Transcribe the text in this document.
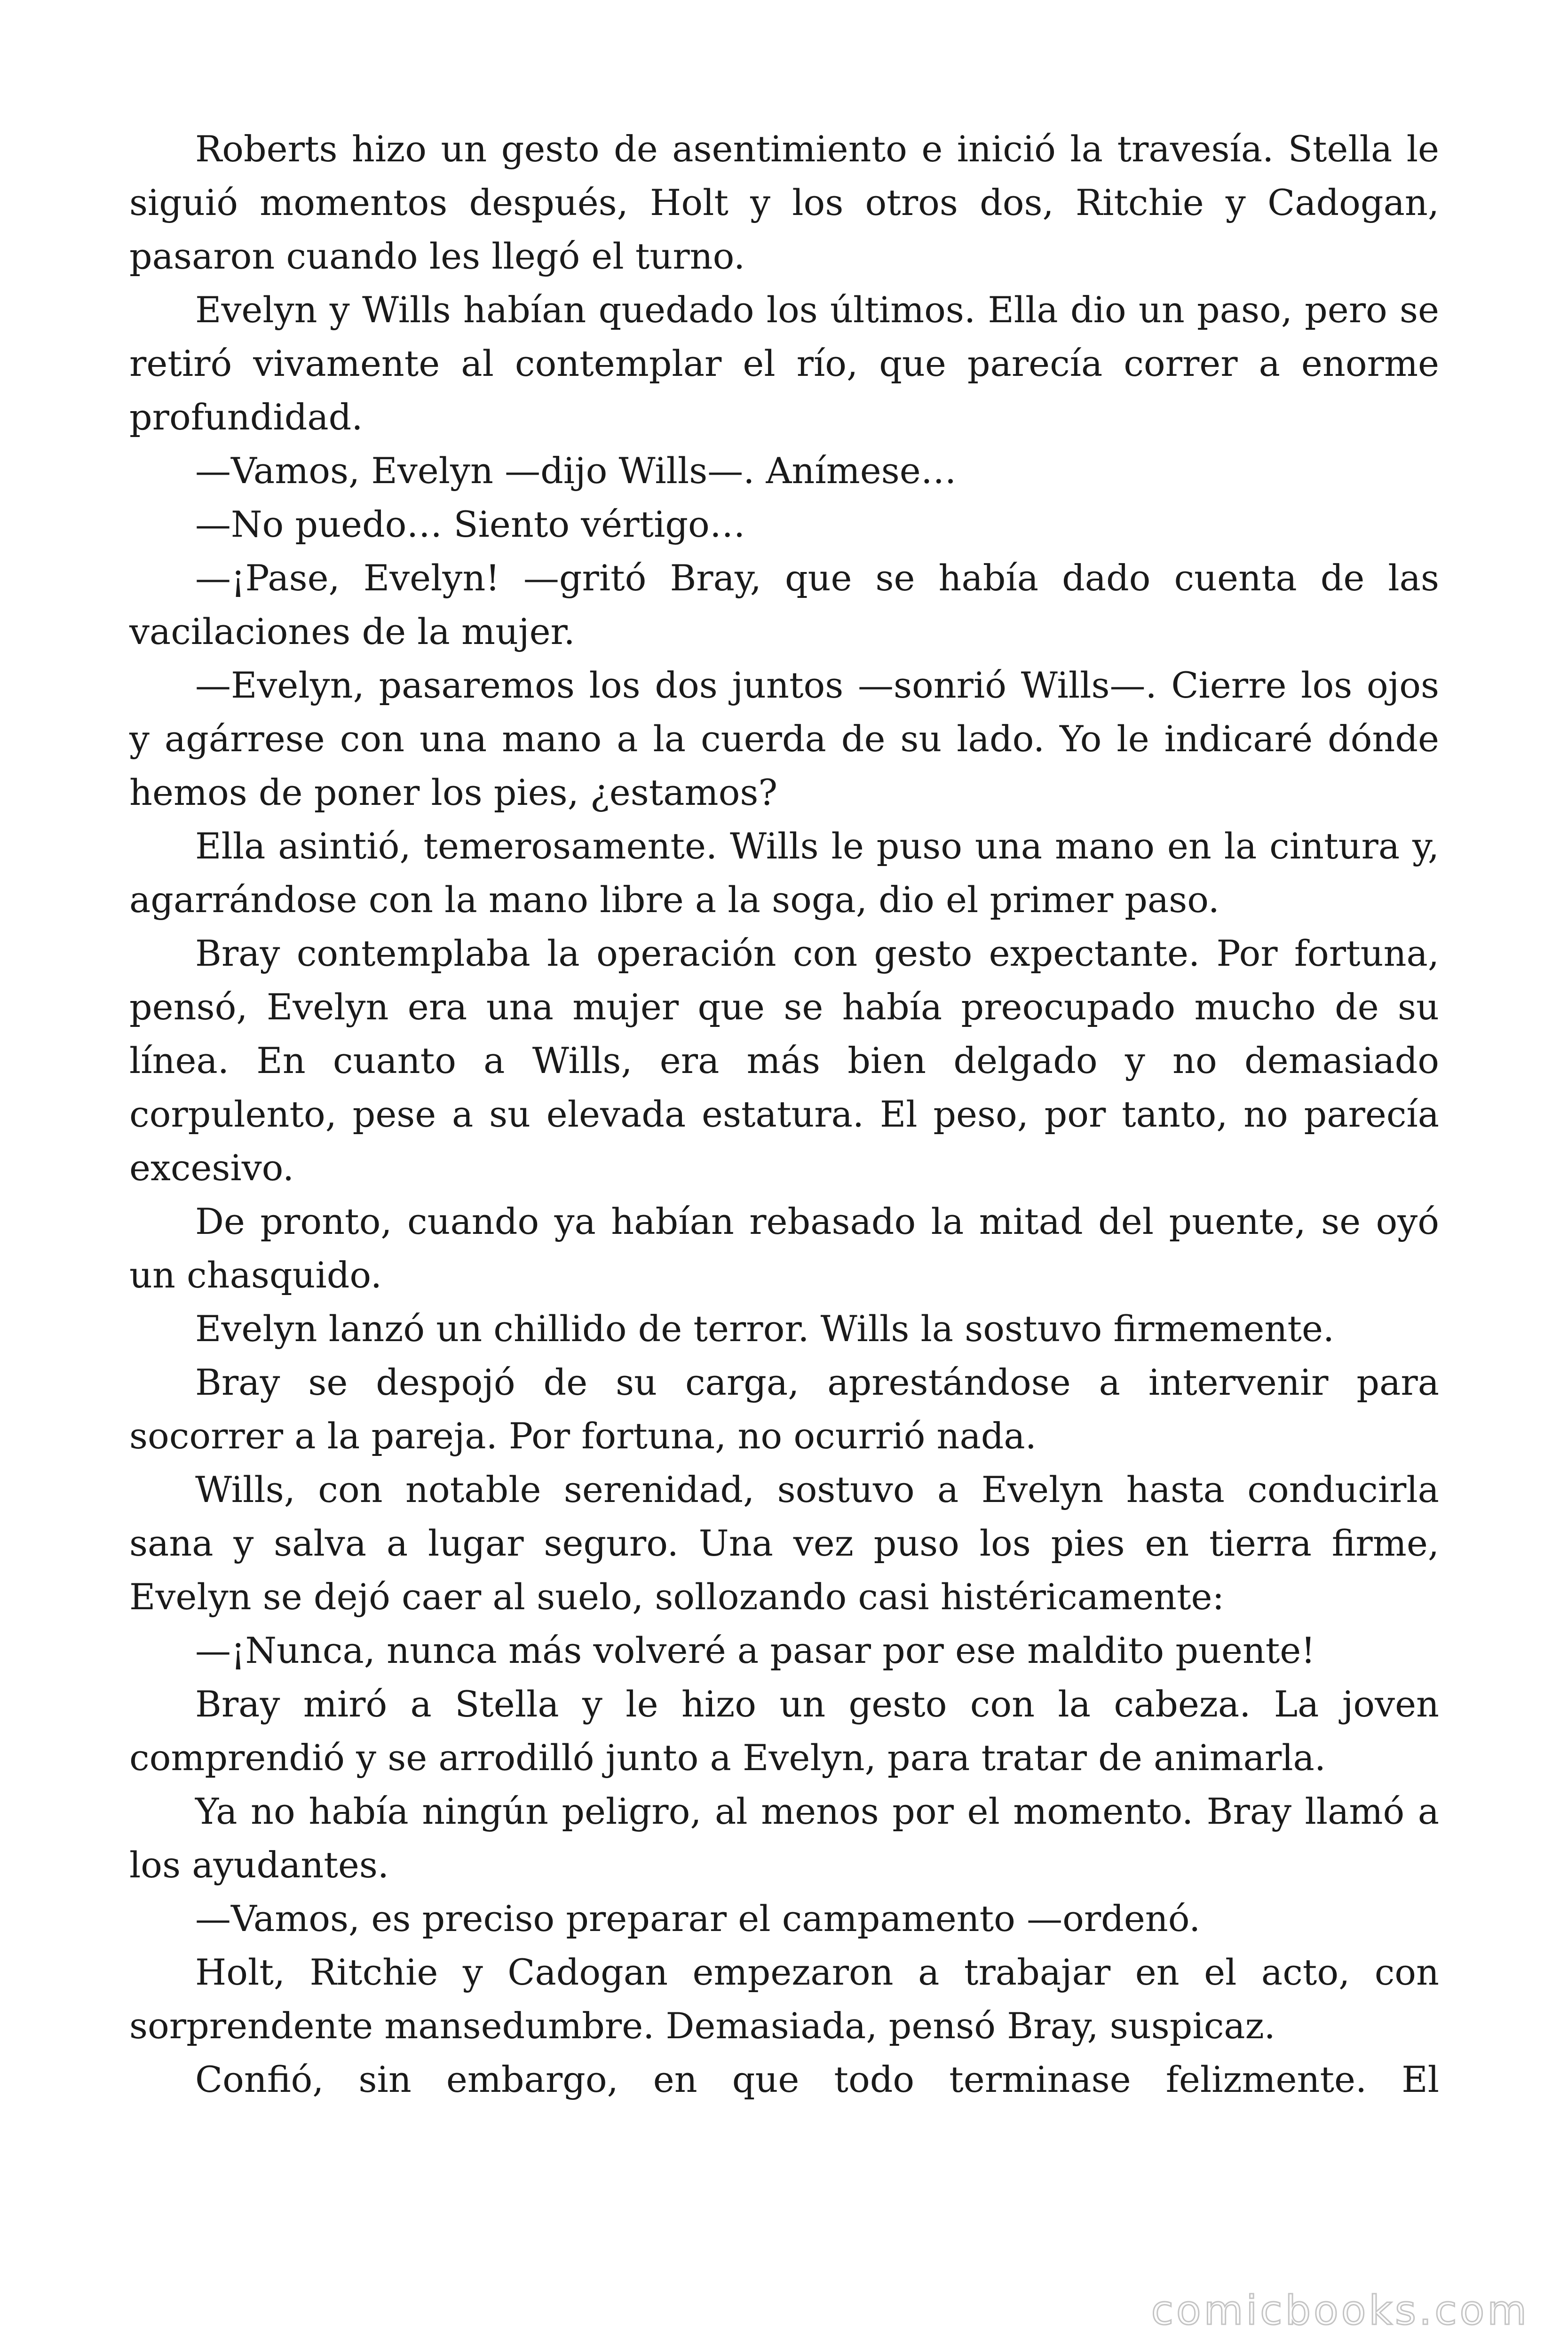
Roberts hizo un gesto de asentimiento e inició la travesía. Stella le siguió momentos después, Holt y los otros dos, Ritchie y Cadogan, pasaron cuando les llegó el turno.

Evelyn y Wills habían quedado los últimos. Ella dio un paso, pero se retiró vivamente al contemplar el río, que parecía correr a enorme profundidad.

—Vamos, Evelyn —dijo Wills—. Anímese…

—No puedo… Siento vértigo…

—¡Pase, Evelyn! —gritó Bray, que se había dado cuenta de las vacilaciones de la mujer.

—Evelyn, pasaremos los dos juntos —sonrió Wills—. Cierre los ojos y agárrese con una mano a la cuerda de su lado. Yo le indicaré dónde hemos de poner los pies, ¿estamos?

Ella asintió, temerosamente. Wills le puso una mano en la cintura y, agarrándose con la mano libre a la soga, dio el primer paso.

Bray contemplaba la operación con gesto expectante. Por fortuna, pensó, Evelyn era una mujer que se había preocupado mucho de su línea. En cuanto a Wills, era más bien delgado y no demasiado corpulento, pese a su elevada estatura. El peso, por tanto, no parecía excesivo.

De pronto, cuando ya habían rebasado la mitad del puente, se oyó un chasquido.

Evelyn lanzó un chillido de terror. Wills la sostuvo firmemente.

Bray se despojó de su carga, aprestándose a intervenir para socorrer a la pareja. Por fortuna, no ocurrió nada.

Wills, con notable serenidad, sostuvo a Evelyn hasta conducirla sana y salva a lugar seguro. Una vez puso los pies en tierra firme, Evelyn se dejó caer al suelo, sollozando casi histéricamente:

—¡Nunca, nunca más volveré a pasar por ese maldito puente!

Bray miró a Stella y le hizo un gesto con la cabeza. La joven comprendió y se arrodilló junto a Evelyn, para tratar de animarla.

Ya no había ningún peligro, al menos por el momento. Bray llamó a los ayudantes.

—Vamos, es preciso preparar el campamento —ordenó.

Holt, Ritchie y Cadogan empezaron a trabajar en el acto, con sorprendente mansedumbre. Demasiada, pensó Bray, suspicaz.

Confió, sin embargo, en que todo terminase felizmente. El

comicbooks.com
